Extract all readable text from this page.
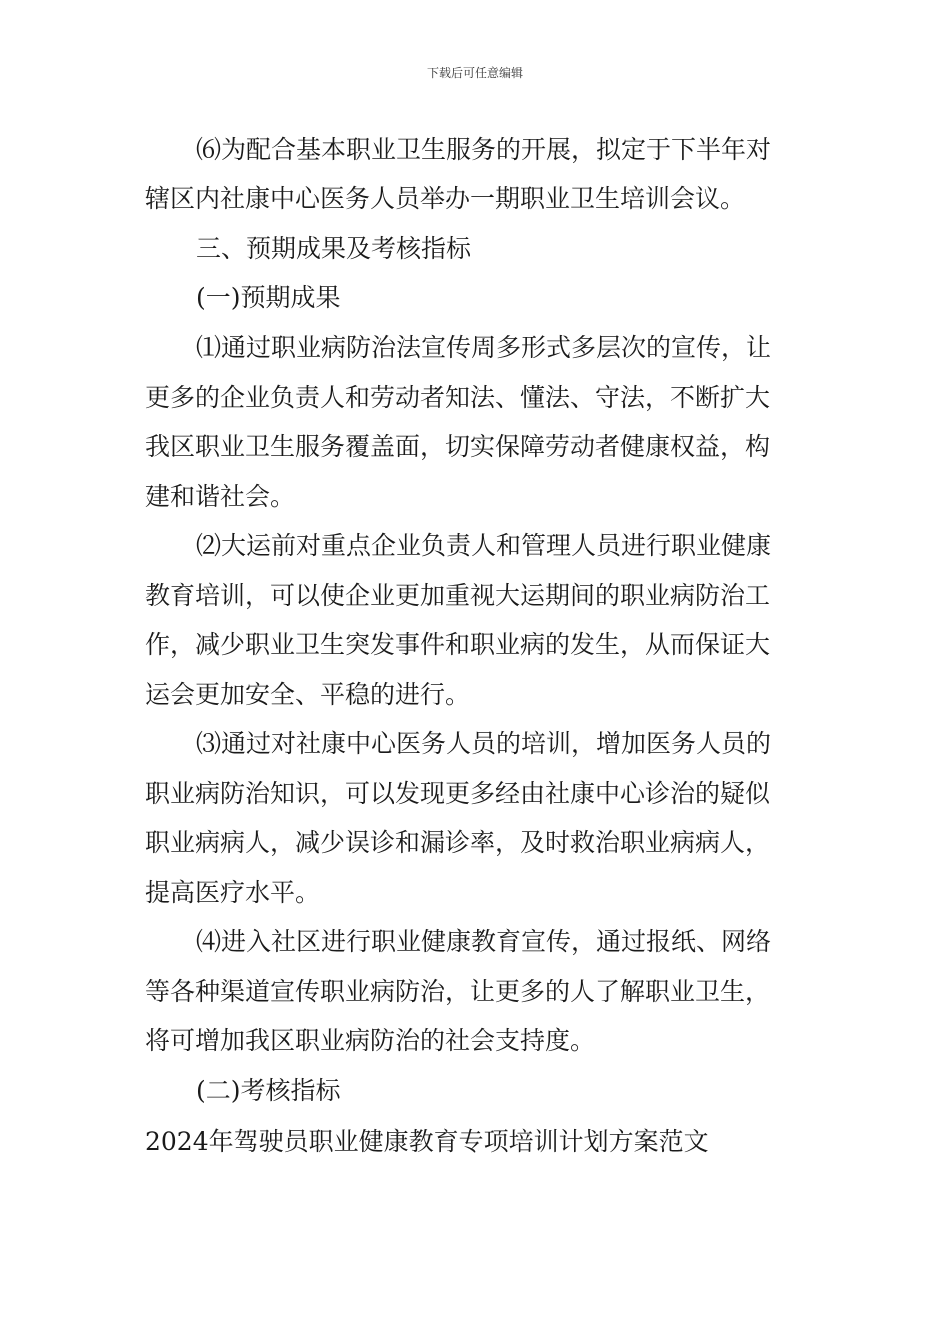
下载后可任意编辑
⑹为配合基本职业卫生服务的开展，拟定于下半年对
辖区内社康中心医务人员举办一期职业卫生培训会议。
三、预期成果及考核指标
(一)预期成果
⑴通过职业病防治法宣传周多形式多层次的宣传，让
更多的企业负责人和劳动者知法、懂法、守法，不断扩大
我区职业卫生服务覆盖面，切实保障劳动者健康权益，构
建和谐社会。
⑵大运前对重点企业负责人和管理人员进行职业健康
教育培训，可以使企业更加重视大运期间的职业病防治工
作，减少职业卫生突发事件和职业病的发生，从而保证大
运会更加安全、平稳的进行。
⑶通过对社康中心医务人员的培训，增加医务人员的
职业病防治知识，可以发现更多经由社康中心诊治的疑似
职业病病人，减少误诊和漏诊率，及时救治职业病病人，
提高医疗水平。
⑷进入社区进行职业健康教育宣传，通过报纸、网络
等各种渠道宣传职业病防治，让更多的人了解职业卫生，
将可增加我区职业病防治的社会支持度。
(二)考核指标
2024年驾驶员职业健康教育专项培训计划方案范文
